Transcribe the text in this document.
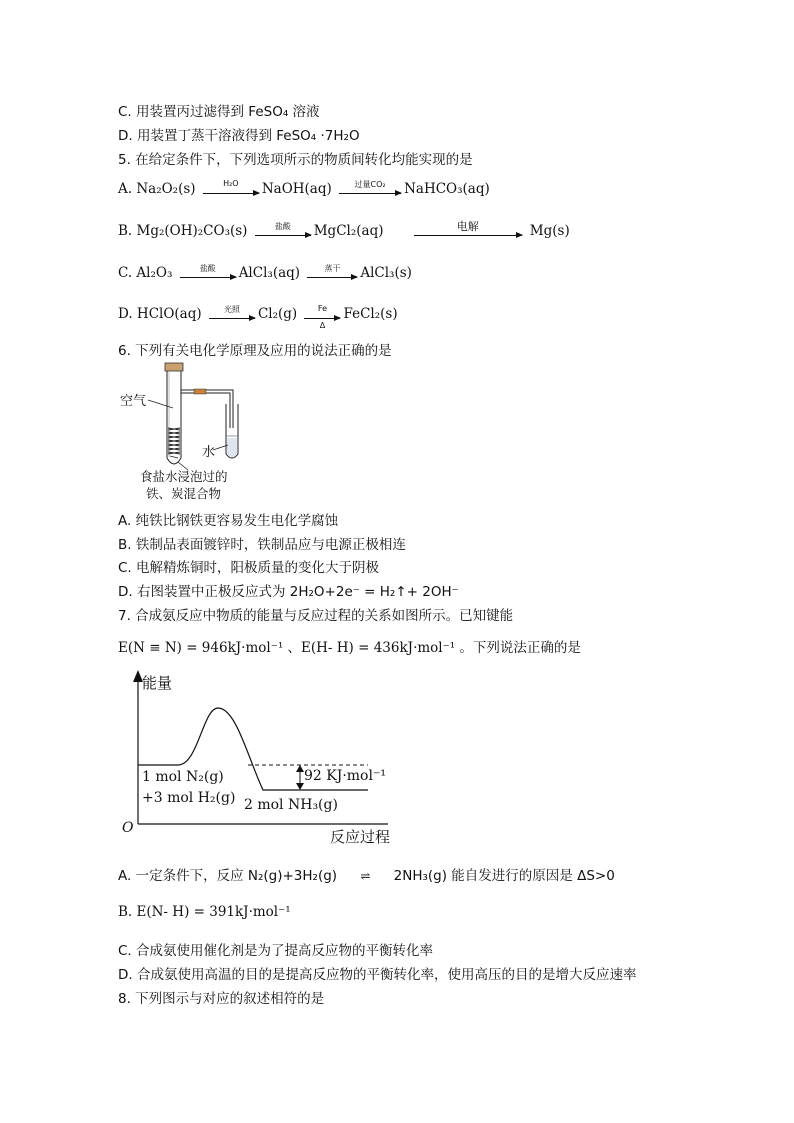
C. 用装置丙过滤得到 FeSO₄ 溶液
D. 用装置丁蒸干溶液得到 FeSO₄ ·7H₂O
5. 在给定条件下，下列选项所示的物质间转化均能实现的是
A. Na₂O₂(s)	H₂O	NaOH(aq)	过量CO₂	NaHCO₃(aq)
B. Mg₂(OH)₂CO₃(s)	盐酸	MgCl₂(aq)	电解	Mg(s)
C. Al₂O₃	盐酸	AlCl₃(aq)	蒸干	AlCl₃(s)
D. HClO(aq)	光照	Cl₂(g)	Fe
Δ
FeCl₂(s)
6. 下列有关电化学原理及应用的说法正确的是
空气
水
食盐水浸泡过的
铁、炭混合物
A. 纯铁比钢铁更容易发生电化学腐蚀
B. 铁制品表面镀锌时，铁制品应与电源正极相连
C. 电解精炼铜时，阳极质量的变化大于阴极
D. 右图装置中正极反应式为 2H₂O+2e⁻ = H₂↑+ 2OH⁻
7. 合成氨反应中物质的能量与反应过程的关系如图所示。已知键能
E(N ≡ N) = 946kJ·mol⁻¹ 、E(H- H) = 436kJ·mol⁻¹ 。下列说法正确的是
能量
O	反应过程
1 mol N₂(g)
+3 mol H₂(g) 2 mol NH₃(g)
92 KJ·mol⁻¹
A. 一定条件下，反应 N₂(g)+3H₂(g) ⇌ 2NH₃(g) 能自发进行的原因是 ΔS>0
B. E(N- H) = 391kJ·mol⁻¹
C. 合成氨使用催化剂是为了提高反应物的平衡转化率
D. 合成氨使用高温的目的是提高反应物的平衡转化率，使用高压的目的是增大反应速率
8. 下列图示与对应的叙述相符的是
